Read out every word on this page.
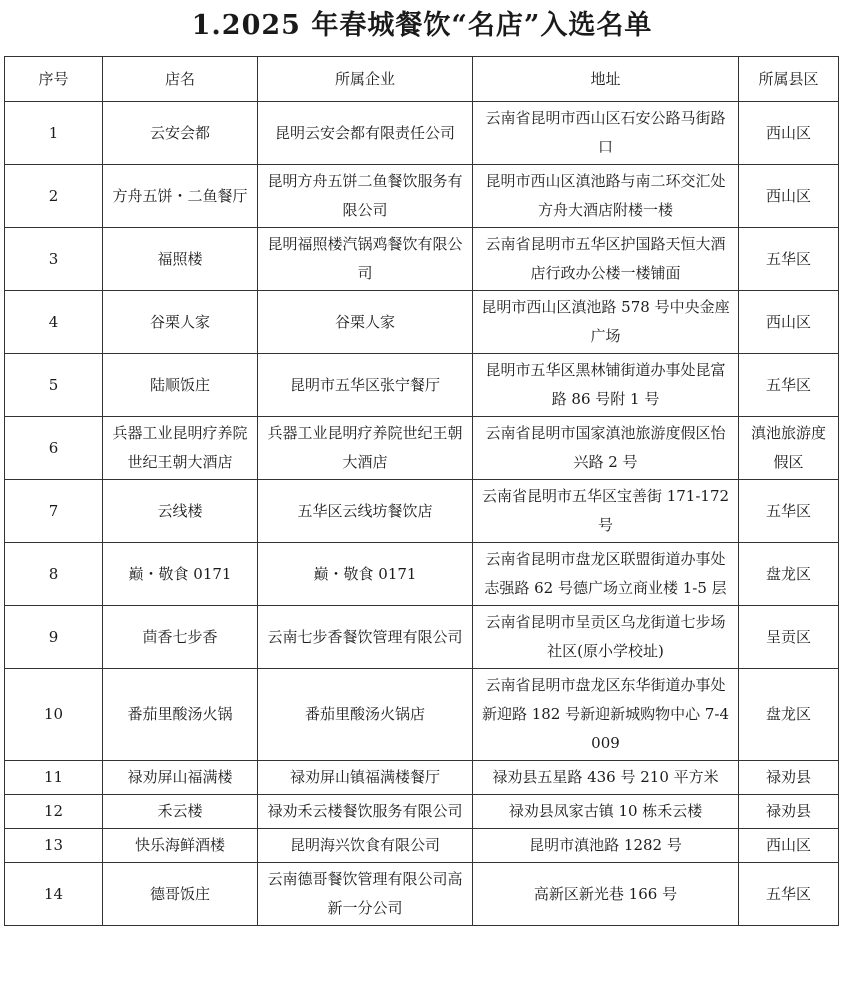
1.2025 年春城餐饮“名店”入选名单
序号	店名	所属企业	地址	所属县区
1	云安会都	昆明云安会都有限责任公司	云南省昆明市西山区石安公路马街路口	西山区
2	方舟五饼・二鱼餐厅	昆明方舟五饼二鱼餐饮服务有限公司	昆明市西山区滇池路与南二环交汇处方舟大酒店附楼一楼	西山区
3	福照楼	昆明福照楼汽锅鸡餐饮有限公司	云南省昆明市五华区护国路天恒大酒店行政办公楼一楼铺面	五华区
4	谷栗人家	谷栗人家	昆明市西山区滇池路 578 号中央金座广场	西山区
5	陆顺饭庄	昆明市五华区张宁餐厅	昆明市五华区黑林铺街道办事处昆富路 86 号附 1 号	五华区
6	兵器工业昆明疗养院世纪王朝大酒店	兵器工业昆明疗养院世纪王朝大酒店	云南省昆明市国家滇池旅游度假区怡兴路 2 号	滇池旅游度假区
7	云线楼	五华区云线坊餐饮店	云南省昆明市五华区宝善街 171-172 号	五华区
8	巅・敬食 0171	巅・敬食 0171	云南省昆明市盘龙区联盟街道办事处志强路 62 号德广场立商业楼 1-5 层	盘龙区
9	茴香七步香	云南七步香餐饮管理有限公司	云南省昆明市呈贡区乌龙街道七步场社区(原小学校址)	呈贡区
10	番茄里酸汤火锅	番茄里酸汤火锅店	云南省昆明市盘龙区东华街道办事处新迎路 182 号新迎新城购物中心 7-4009	盘龙区
11	禄劝屏山福满楼	禄劝屏山镇福满楼餐厅	禄劝县五星路 436 号 210 平方米	禄劝县
12	禾云楼	禄劝禾云楼餐饮服务有限公司	禄劝县凤家古镇 10 栋禾云楼	禄劝县
13	快乐海鲜酒楼	昆明海兴饮食有限公司	昆明市滇池路 1282 号	西山区
14	德哥饭庄	云南德哥餐饮管理有限公司高新一分公司	高新区新光巷 166 号	五华区
